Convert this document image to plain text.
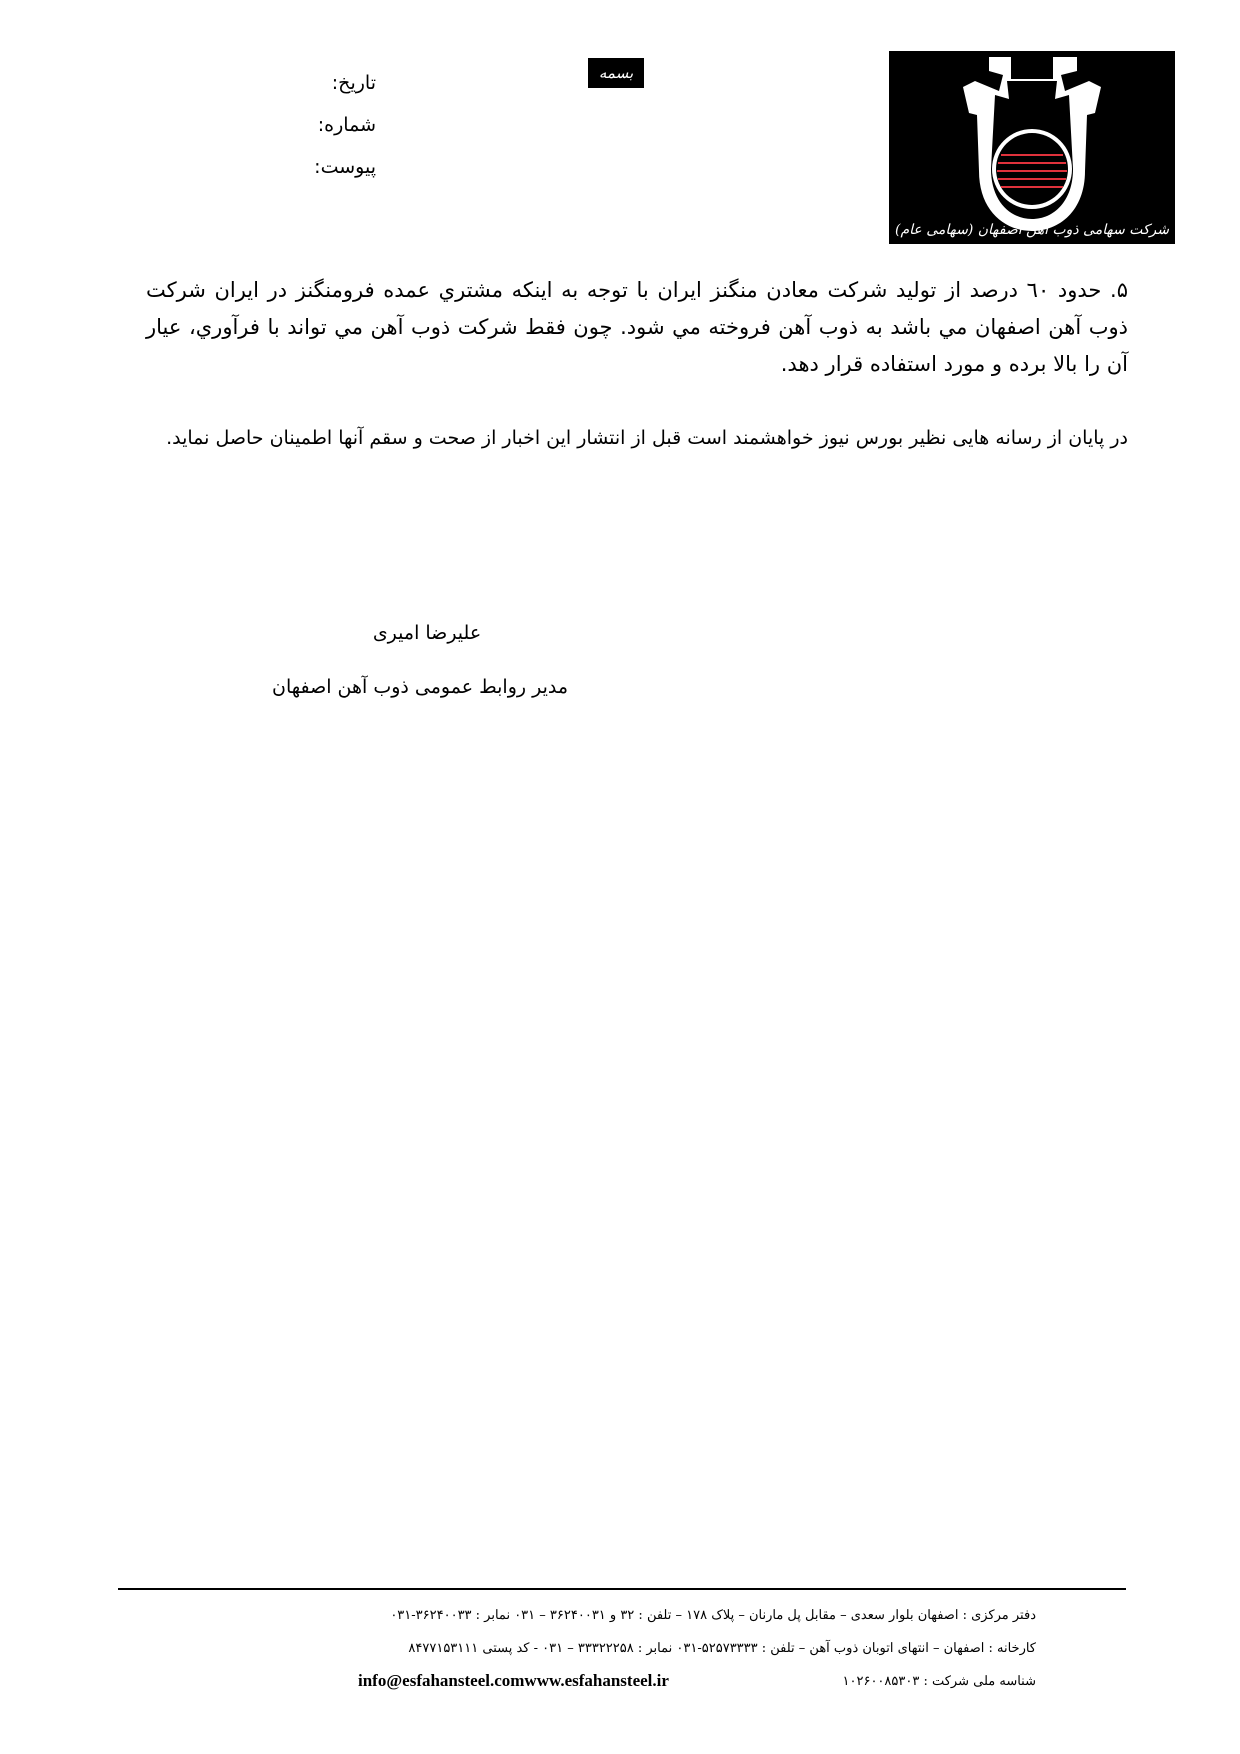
تاریخ:
شماره:
پیوست:
بسمه تعالی
شرکت سهامی ذوب آهن اصفهان (سهامی عام)
۵. حدود ٦٠ درصد از تولید شرکت معادن منگنز ایران با توجه به اینکه مشتري عمده فرومنگنز در ایران شرکت ذوب آهن اصفهان مي باشد به ذوب آهن فروخته مي شود. چون فقط شرکت ذوب آهن مي تواند با فرآوري، عیار آن را بالا برده و مورد استفاده قرار دهد.
در پایان از رسانه هایی نظیر بورس نیوز خواهشمند است قبل از انتشار این اخبار از صحت و سقم آنها اطمینان حاصل نماید.
علیرضا امیری
مدیر روابط عمومی ذوب آهن اصفهان
دفتر مرکزی : اصفهان بلوار سعدی – مقابل پل مارنان – پلاک ۱۷۸ – تلفن : ۳۲ و ۳۶۲۴۰۰۳۱ – ۰۳۱ نمابر : ۳۶۲۴۰۰۳۳-۰۳۱
کارخانه : اصفهان – انتهای اتوبان ذوب آهن – تلفن : ۵۲۵۷۳۳۳۳-۰۳۱ نمابر : ۳۳۳۲۲۲۵۸ – ۰۳۱ - کد پستی ۸۴۷۷۱۵۳۱۱۱
شناسه ملی شرکت : ۱۰۲۶۰۰۸۵۳۰۳
info@esfahansteel.comwww.esfahansteel.ir
